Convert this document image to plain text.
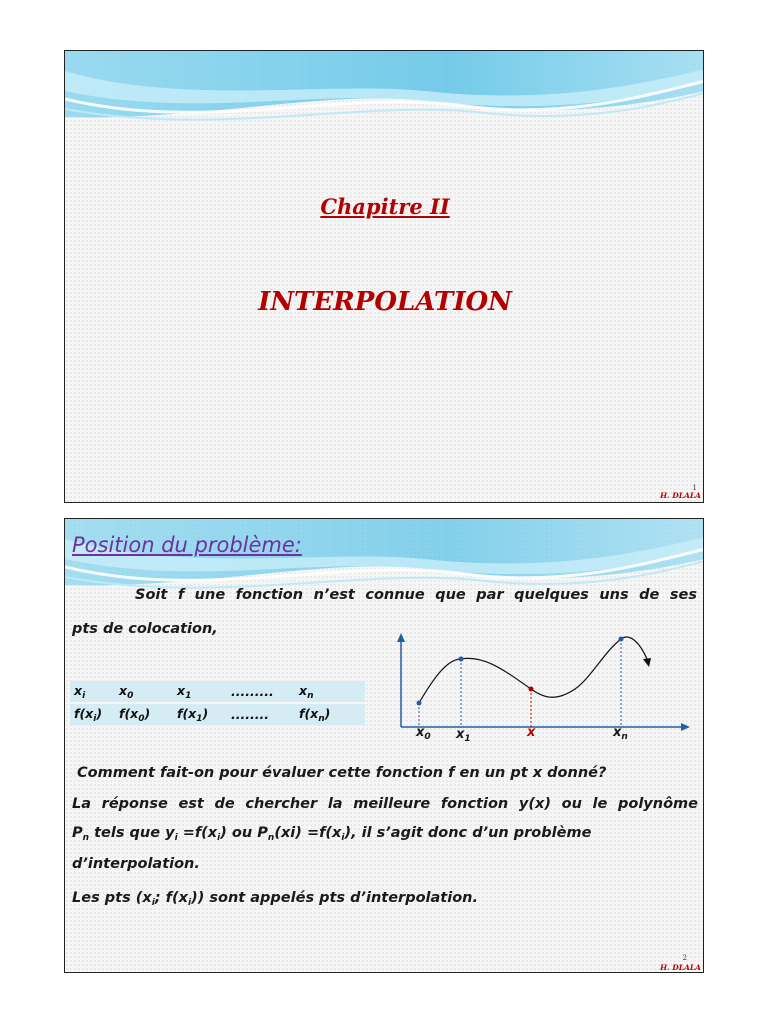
Chapitre II
INTERPOLATION
1
H. DLALA
Position du problème:
Soit f une fonction n’est connue que par quelques uns de ses
pts de colocation,
$x_i$	$x_0$	$x_1$	.........	$x_n$
$f(x_i)$	$f(x_0)$	$f(x_1)$	........	$f(x_n)$
$x_0$ $x_1$	x	$x_n$
Comment fait-on pour évaluer cette fonction f en un pt x donné?
La réponse est de chercher la meilleure fonction y(x) ou le polynôme
$P_n$ tels que $y_i =f(x_i)$ ou $P_n(xi) =f(x_i)$, il s’agit donc d’un problème
d’interpolation.
Les pts ($x_i$; $f(x_i)$) sont appelés pts d’interpolation.
2
H. DLALA
